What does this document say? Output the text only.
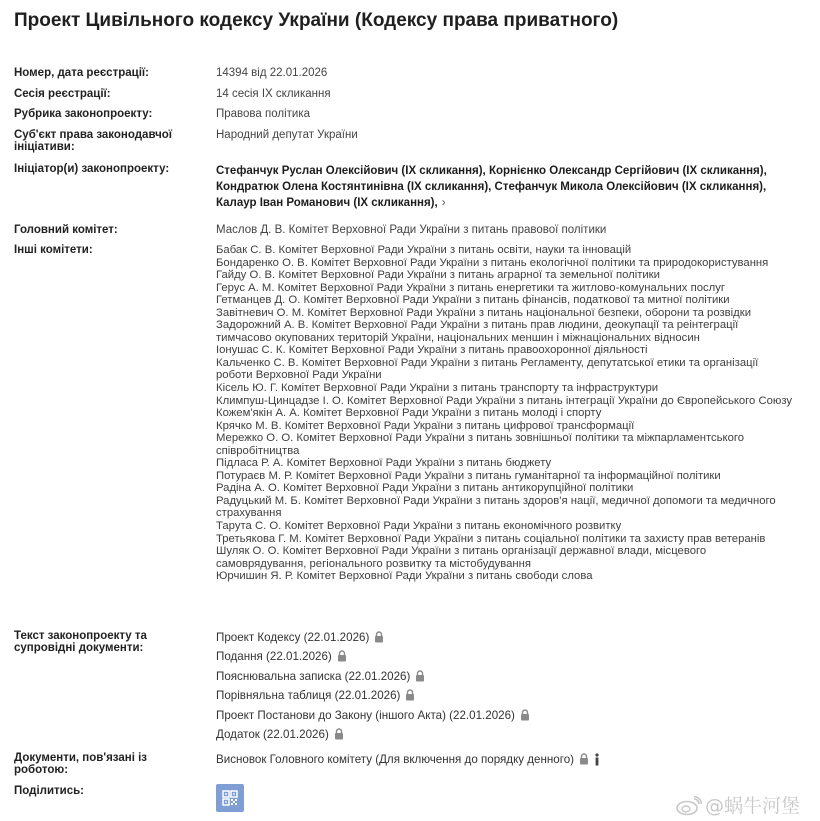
Проект Цивільного кодексу України (Кодексу права приватного)
Номер, дата реєстрації:	14394 від 22.01.2026
Сесія реєстрації:	14 сесія IX скликання
Рубрика законопроекту:	Правова політика
Суб'єкт права законодавчої ініціативи:
Народний депутат України
Ініціатор(и) законопроекту:	Стефанчук Руслан Олексійович (IX скликання), Корнієнко Олександр Сергійович (IX скликання), Кондратюк Олена Костянтинівна (IX скликання), Стефанчук Микола Олексійович (IX скликання), Калаур Іван Романович (IX скликання), ›
Головний комітет:	Маслов Д. В. Комітет Верховної Ради України з питань правової політики
Інші комітети:	Бабак С. В. Комітет Верховної Ради України з питань освіти, науки та інновацій
Бондаренко О. В. Комітет Верховної Ради України з питань екологічної політики та природокористування
Гайду О. В. Комітет Верховної Ради України з питань аграрної та земельної політики
Герус А. М. Комітет Верховної Ради України з питань енергетики та житлово-комунальних послуг
Гетманцев Д. О. Комітет Верховної Ради України з питань фінансів, податкової та митної політики
Завітневич О. М. Комітет Верховної Ради України з питань національної безпеки, оборони та розвідки
Задорожний А. В. Комітет Верховної Ради України з питань прав людини, деокупації та реінтеграції тимчасово окупованих територій України, національних меншин і міжнаціональних відносин
Іонушас С. К. Комітет Верховної Ради України з питань правоохоронної діяльності
Кальченко С. В. Комітет Верховної Ради України з питань Регламенту, депутатської етики та організації роботи Верховної Ради України
Кісель Ю. Г. Комітет Верховної Ради України з питань транспорту та інфраструктури
Климпуш-Цинцадзе І. О. Комітет Верховної Ради України з питань інтеграції України до Європейського Союзу
Кожем'якін А. А. Комітет Верховної Ради України з питань молоді і спорту
Крячко М. В. Комітет Верховної Ради України з питань цифрової трансформації
Мережко О. О. Комітет Верховної Ради України з питань зовнішньої політики та міжпарламентського співробітництва
Підласа Р. А. Комітет Верховної Ради України з питань бюджету
Потураєв М. Р. Комітет Верховної Ради України з питань гуманітарної та інформаційної політики
Радіна А. О. Комітет Верховної Ради України з питань антикорупційної політики
Радуцький М. Б. Комітет Верховної Ради України з питань здоров'я нації, медичної допомоги та медичного страхування
Тарута С. О. Комітет Верховної Ради України з питань економічного розвитку
Третьякова Г. М. Комітет Верховної Ради України з питань соціальної політики та захисту прав ветеранів
Шуляк О. О. Комітет Верховної Ради України з питань організації державної влади, місцевого самоврядування, регіонального розвитку та містобудування
Юрчишин Я. Р. Комітет Верховної Ради України з питань свободи слова
Текст законопроекту та супровідні документи:
Проект Кодексу (22.01.2026)
Подання (22.01.2026)
Пояснювальна записка (22.01.2026)
Порівняльна таблиця (22.01.2026)
Проект Постанови до Закону (іншого Акта) (22.01.2026)
Додаток (22.01.2026)
Документи, пов'язані із роботою:
Висновок Головного комітету (Для включення до порядку денного)
Поділитись:
@蜗牛河堡
